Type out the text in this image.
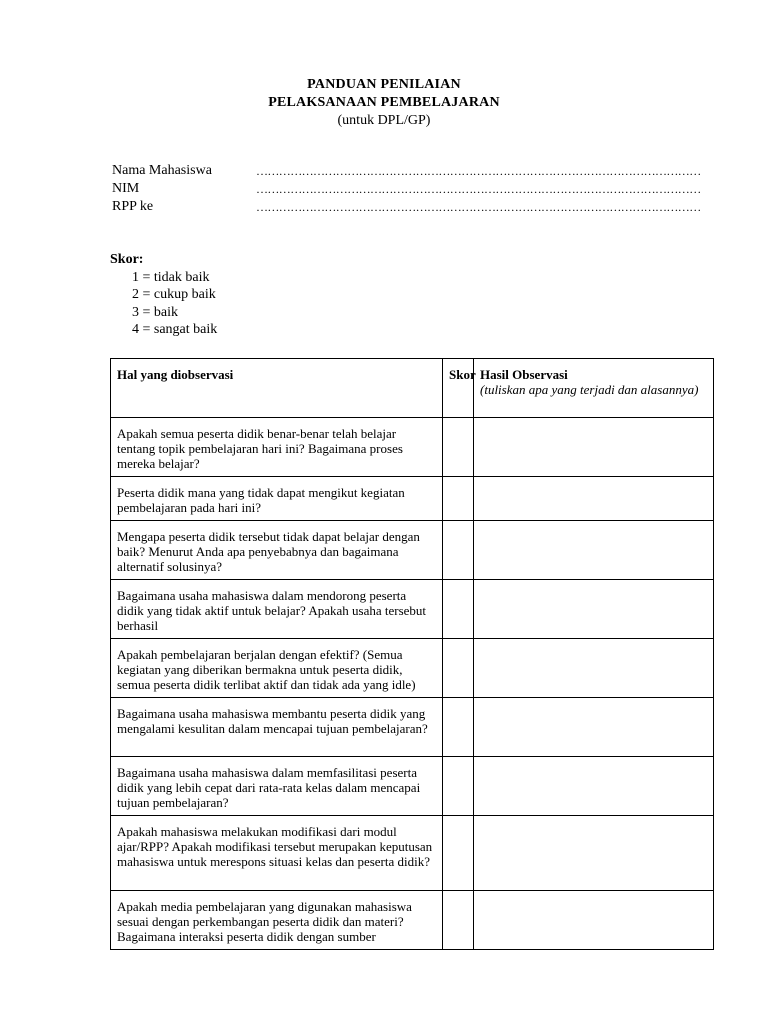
PANDUAN PENILAIAN
PELAKSANAAN PEMBELAJARAN
(untuk DPL/GP)
Nama Mahasiswa	………………………………………………………………………………………………………
NIM	………………………………………………………………………………………………………
RPP ke	………………………………………………………………………………………………………
Skor:
1 = tidak baik
2 = cukup baik
3 = baik
4 = sangat baik
Hal yang diobservasi	Skor	Hasil Observasi
(tuliskan apa yang terjadi dan alasannya)

Apakah semua peserta didik benar-benar telah belajar tentang topik pembelajaran hari ini? Bagaimana proses mereka belajar?		
Peserta didik mana yang tidak dapat mengikut kegiatan pembelajaran pada hari ini?		
Mengapa peserta didik tersebut tidak dapat belajar dengan baik? Menurut Anda apa penyebabnya dan bagaimana alternatif solusinya?		
Bagaimana usaha mahasiswa dalam mendorong peserta didik yang tidak aktif untuk belajar? Apakah usaha tersebut berhasil		
Apakah pembelajaran berjalan dengan efektif? (Semua kegiatan yang diberikan bermakna untuk peserta didik, semua peserta didik terlibat aktif dan tidak ada yang idle)		
Bagaimana usaha mahasiswa membantu peserta didik yang mengalami kesulitan dalam mencapai tujuan pembelajaran?		
Bagaimana usaha mahasiswa dalam memfasilitasi peserta didik yang lebih cepat dari rata-rata kelas dalam mencapai tujuan pembelajaran?		
Apakah mahasiswa melakukan modifikasi dari modul ajar/RPP? Apakah modifikasi tersebut merupakan keputusan mahasiswa untuk merespons situasi kelas dan peserta didik?		
Apakah media pembelajaran yang digunakan mahasiswa sesuai dengan perkembangan peserta didik dan materi? Bagaimana interaksi peserta didik dengan sumber		
